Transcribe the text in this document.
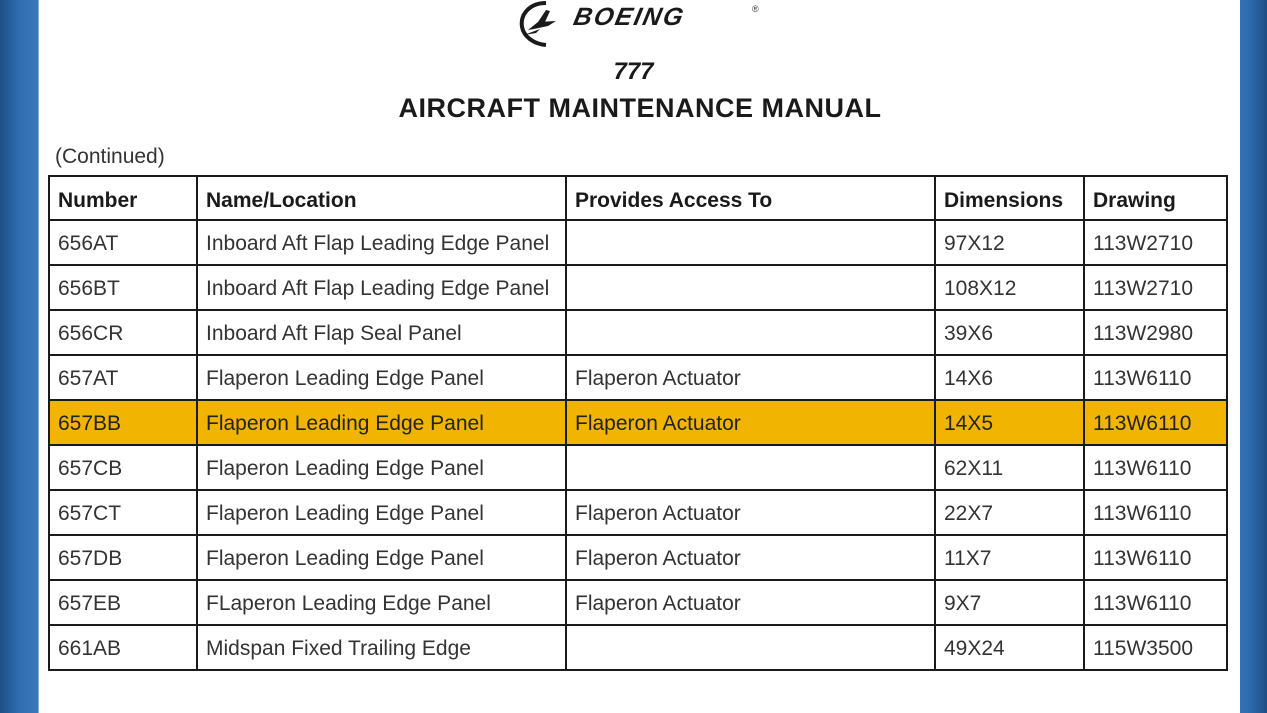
BOEING	®
777
AIRCRAFT MAINTENANCE MANUAL
(Continued)
Number	Name/Location	Provides Access To	Dimensions	Drawing
656AT	Inboard Aft Flap Leading Edge Panel		97X12	113W2710
656BT	Inboard Aft Flap Leading Edge Panel		108X12	113W2710
656CR	Inboard Aft Flap Seal Panel		39X6	113W2980
657AT	Flaperon Leading Edge Panel	Flaperon Actuator	14X6	113W6110
657BB	Flaperon Leading Edge Panel	Flaperon Actuator	14X5	113W6110
657CB	Flaperon Leading Edge Panel		62X11	113W6110
657CT	Flaperon Leading Edge Panel	Flaperon Actuator	22X7	113W6110
657DB	Flaperon Leading Edge Panel	Flaperon Actuator	11X7	113W6110
657EB	FLaperon Leading Edge Panel	Flaperon Actuator	9X7	113W6110
661AB	Midspan Fixed Trailing Edge		49X24	115W3500
